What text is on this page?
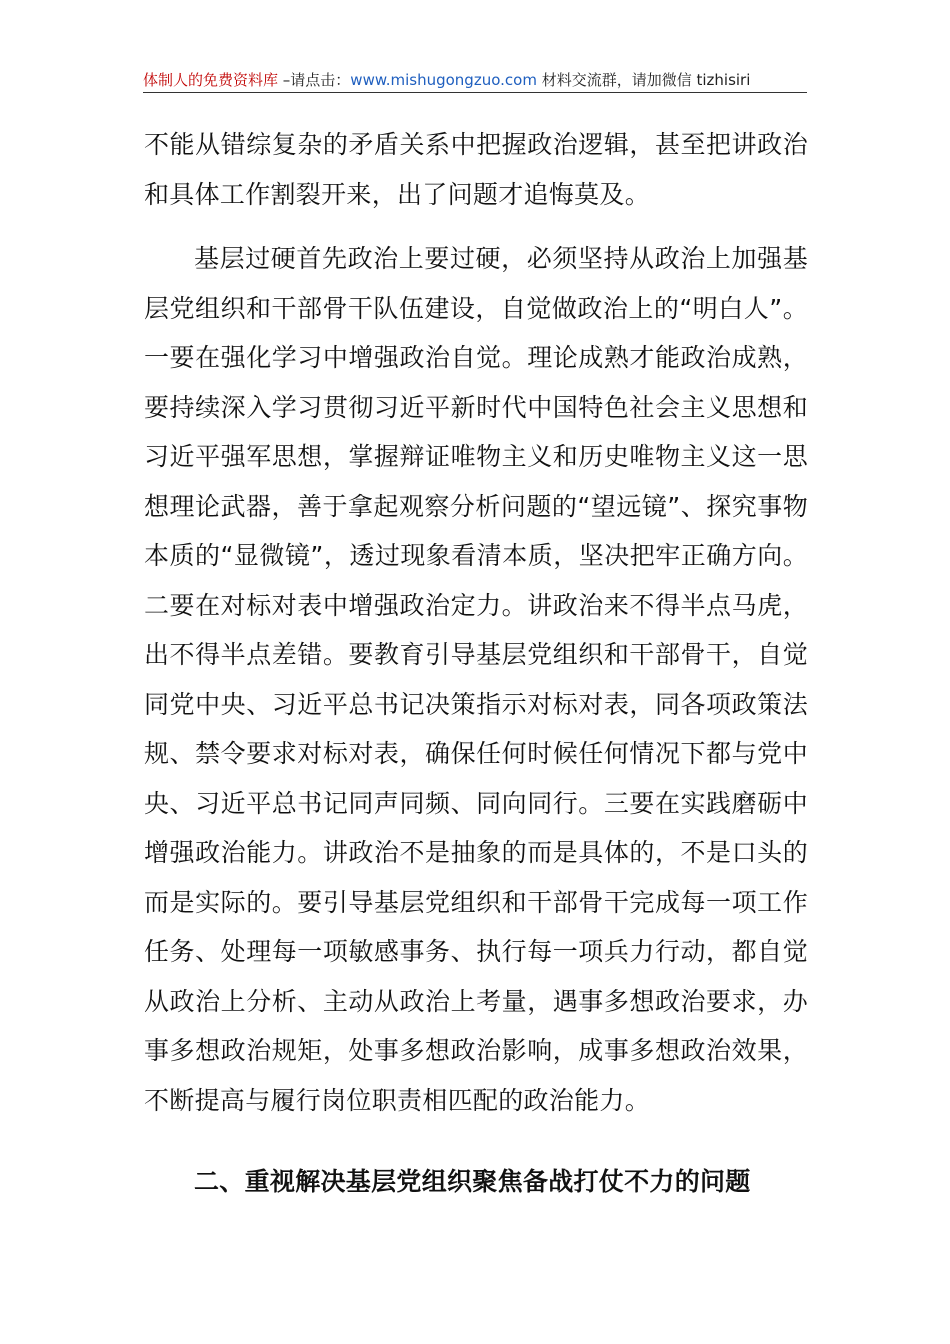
体制人的免费资料库 –请点击：www.mishugongzuo.com 材料交流群，请加微信 tizhisiri

不能从错综复杂的矛盾关系中把握政治逻辑，甚至把讲政治和具体工作割裂开来，出了问题才追悔莫及。

基层过硬首先政治上要过硬，必须坚持从政治上加强基层党组织和干部骨干队伍建设，自觉做政治上的“明白人”。一要在强化学习中增强政治自觉。理论成熟才能政治成熟，要持续深入学习贯彻习近平新时代中国特色社会主义思想和习近平强军思想，掌握辩证唯物主义和历史唯物主义这一思想理论武器，善于拿起观察分析问题的“望远镜”、探究事物本质的“显微镜”，透过现象看清本质，坚决把牢正确方向。二要在对标对表中增强政治定力。讲政治来不得半点马虎，出不得半点差错。要教育引导基层党组织和干部骨干，自觉同党中央、习近平总书记决策指示对标对表，同各项政策法规、禁令要求对标对表，确保任何时候任何情况下都与党中央、习近平总书记同声同频、同向同行。三要在实践磨砺中增强政治能力。讲政治不是抽象的而是具体的，不是口头的而是实际的。要引导基层党组织和干部骨干完成每一项工作任务、处理每一项敏感事务、执行每一项兵力行动，都自觉从政治上分析、主动从政治上考量，遇事多想政治要求，办事多想政治规矩，处事多想政治影响，成事多想政治效果，不断提高与履行岗位职责相匹配的政治能力。

二、重视解决基层党组织聚焦备战打仗不力的问题
